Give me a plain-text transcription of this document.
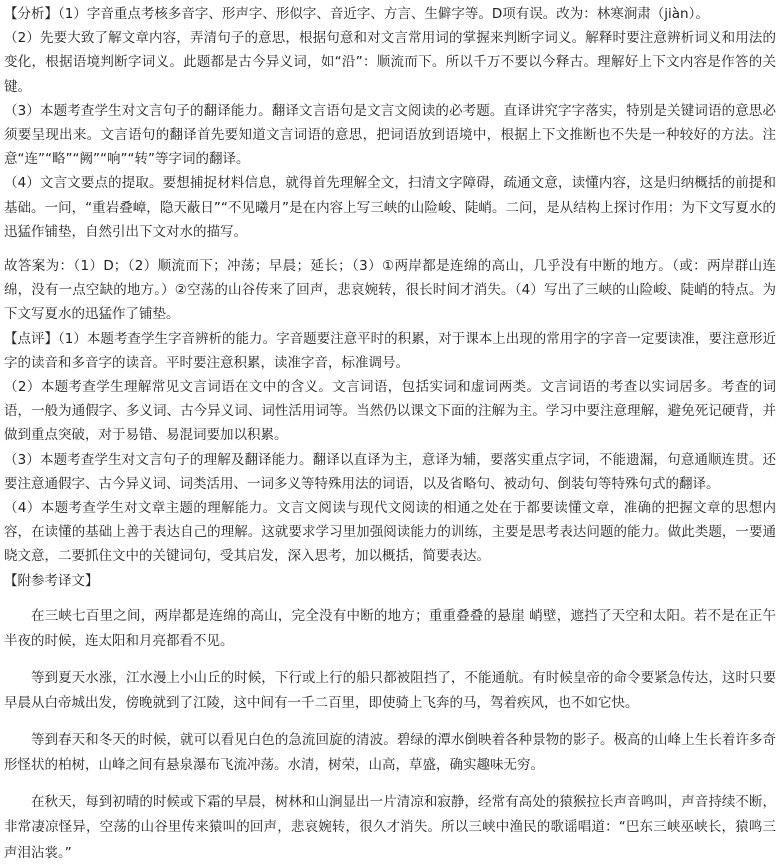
【分析】（1）字音重点考核多音字、形声字、形似字、音近字、方言、生僻字等。D项有误。改为：林寒涧肃（jiàn）。

（2）先要大致了解文章内容，弄清句子的意思，根据句意和对文言常用词的掌握来判断字词义。解释时要注意辨析词义和用法的变化，根据语境判断字词义。此题都是古今异义词，如“沿”：顺流而下。所以千万不要以今释古。理解好上下文内容是作答的关键。

（3）本题考查学生对文言句子的翻译能力。翻译文言语句是文言文阅读的必考题。直译讲究字字落实，特别是关键词语的意思必须要呈现出来。文言语句的翻译首先要知道文言词语的意思，把词语放到语境中，根据上下文推断也不失是一种较好的方法。注意“连”“略”“阙”“响”“转”等字词的翻译。

（4）文言文要点的提取。要想捕捉材料信息，就得首先理解全文，扫清文字障碍，疏通文意，读懂内容，这是归纳概括的前提和基础。一问，“重岩叠嶂，隐天蔽日”“不见曦月”是在内容上写三峡的山险峻、陡峭。二问，是从结构上探讨作用：为下文写夏水的迅猛作铺垫，自然引出下文对水的描写。

故答案为：（1）D；（2）顺流而下；冲荡；早晨；延长；（3）①两岸都是连绵的高山，几乎没有中断的地方。（或：两岸群山连绵，没有一点空缺的地方。）②空荡的山谷传来了回声，悲哀婉转，很长时间才消失。（4）写出了三峡的山险峻、陡峭的特点。为下文写夏水的迅猛作了铺垫。

【点评】（1）本题考查学生字音辨析的能力。字音题要注意平时的积累，对于课本上出现的常用字的字音一定要读准，要注意形近字的读音和多音字的读音。平时要注意积累，读准字音，标准调号。

（2）本题考查学生理解常见文言词语在文中的含义。文言词语，包括实词和虚词两类。文言词语的考查以实词居多。考查的词语，一般为通假字、多义词、古今异义词、词性活用词等。当然仍以课文下面的注解为主。学习中要注意理解，避免死记硬背，并做到重点突破，对于易错、易混词要加以积累。

（3）本题考查学生对文言句子的理解及翻译能力。翻译以直译为主，意译为辅，要落实重点字词，不能遗漏，句意通顺连贯。还要注意通假字、古今异义词、词类活用、一词多义等特殊用法的词语，以及省略句、被动句、倒装句等特殊句式的翻译。

（4）本题考查学生对文章主题的理解能力。文言文阅读与现代文阅读的相通之处在于都要读懂文章，准确的把握文章的思想内容，在读懂的基础上善于表达自己的理解。这就要求学习里加强阅读能力的训练，主要是思考表达问题的能力。做此类题，一要通晓文意，二要抓住文中的关键词句，受其启发，深入思考，加以概括，简要表达。

【附参考译文】

在三峡七百里之间，两岸都是连绵的高山，完全没有中断的地方；重重叠叠的悬崖 峭壁，遮挡了天空和太阳。若不是在正午半夜的时候，连太阳和月亮都看不见。

等到夏天水涨，江水漫上小山丘的时候，下行或上行的船只都被阻挡了，不能通航。有时候皇帝的命令要紧急传达，这时只要早晨从白帝城出发，傍晚就到了江陵，这中间有一千二百里，即使骑上飞奔的马，驾着疾风，也不如它快。

等到春天和冬天的时候，就可以看见白色的急流回旋的清波。碧绿的潭水倒映着各种景物的影子。极高的山峰上生长着许多奇形怪状的柏树，山峰之间有悬泉瀑布飞流冲荡。水清，树荣，山高，草盛，确实趣味无穷。

在秋天，每到初晴的时候或下霜的早晨，树林和山涧显出一片清凉和寂静，经常有高处的猿猴拉长声音鸣叫，声音持续不断，非常凄凉怪异，空荡的山谷里传来猿叫的回声，悲哀婉转，很久才消失。所以三峡中渔民的歌谣唱道：“巴东三峡巫峡长，猿鸣三声泪沾裳。”
